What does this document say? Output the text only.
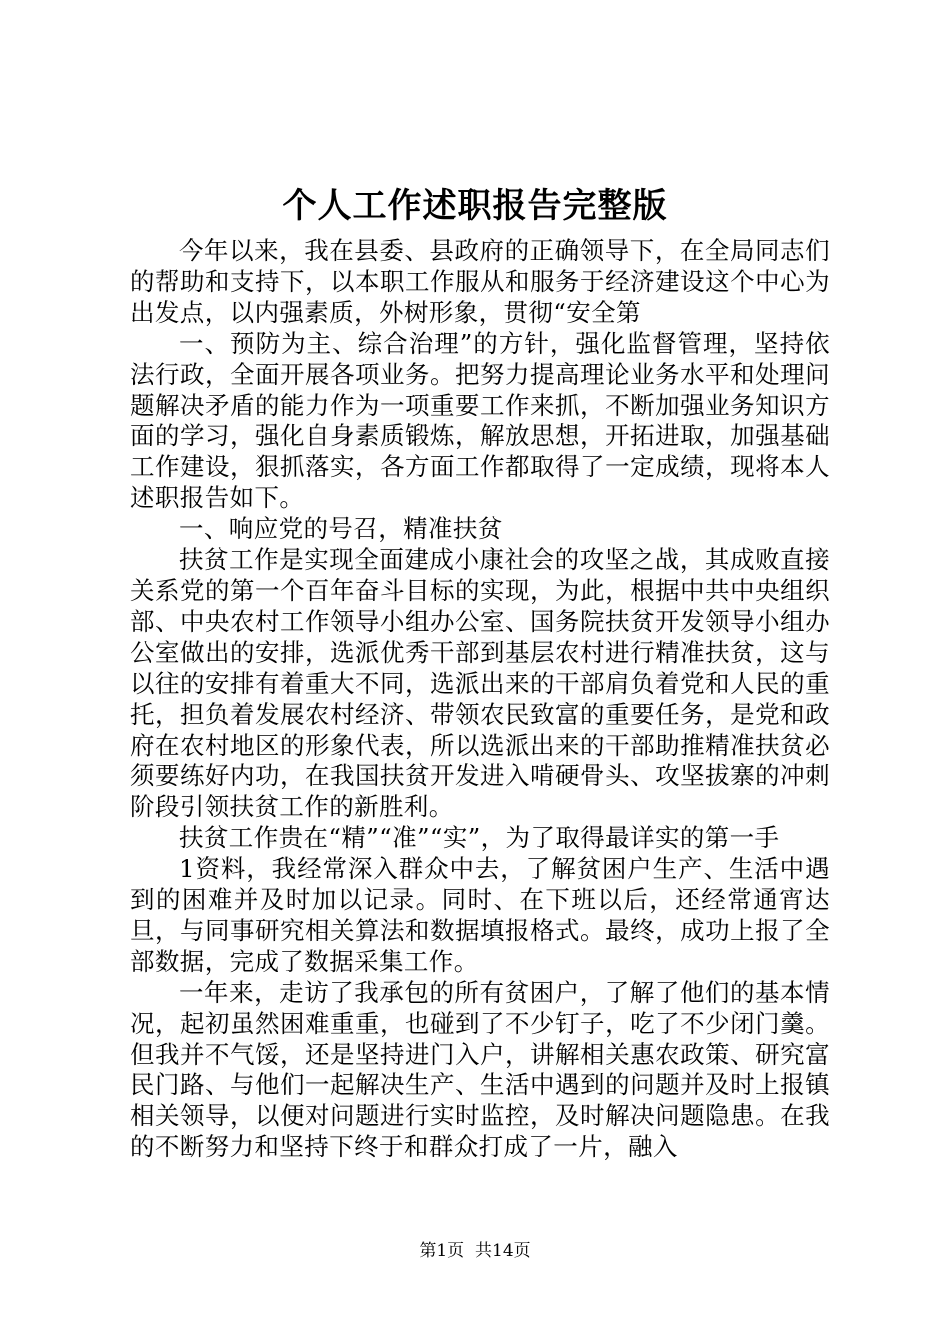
个人工作述职报告完整版

今年以来，我在县委、县政府的正确领导下，在全局同志们的帮助和支持下，以本职工作服从和服务于经济建设这个中心为出发点，以内强素质，外树形象，贯彻“安全第

一、预防为主、综合治理”的方针，强化监督管理，坚持依法行政，全面开展各项业务。把努力提高理论业务水平和处理问题解决矛盾的能力作为一项重要工作来抓，不断加强业务知识方面的学习，强化自身素质锻炼，解放思想，开拓进取，加强基础工作建设，狠抓落实，各方面工作都取得了一定成绩，现将本人述职报告如下。

一、响应党的号召，精准扶贫

扶贫工作是实现全面建成小康社会的攻坚之战，其成败直接关系党的第一个百年奋斗目标的实现，为此，根据中共中央组织部、中央农村工作领导小组办公室、国务院扶贫开发领导小组办公室做出的安排，选派优秀干部到基层农村进行精准扶贫，这与以往的安排有着重大不同，选派出来的干部肩负着党和人民的重托，担负着发展农村经济、带领农民致富的重要任务，是党和政府在农村地区的形象代表，所以选派出来的干部助推精准扶贫必须要练好内功，在我国扶贫开发进入啃硬骨头、攻坚拔寨的冲刺阶段引领扶贫工作的新胜利。

扶贫工作贵在“精”“准”“实”，为了取得最详实的第一手

1资料，我经常深入群众中去，了解贫困户生产、生活中遇到的困难并及时加以记录。同时、在下班以后，还经常通宵达旦，与同事研究相关算法和数据填报格式。最终，成功上报了全部数据，完成了数据采集工作。

一年来，走访了我承包的所有贫困户，了解了他们的基本情况，起初虽然困难重重，也碰到了不少钉子，吃了不少闭门羹。但我并不气馁，还是坚持进门入户，讲解相关惠农政策、研究富民门路、与他们一起解决生产、生活中遇到的问题并及时上报镇相关领导，以便对问题进行实时监控，及时解决问题隐患。在我的不断努力和坚持下终于和群众打成了一片，融入

第1页 共14页
